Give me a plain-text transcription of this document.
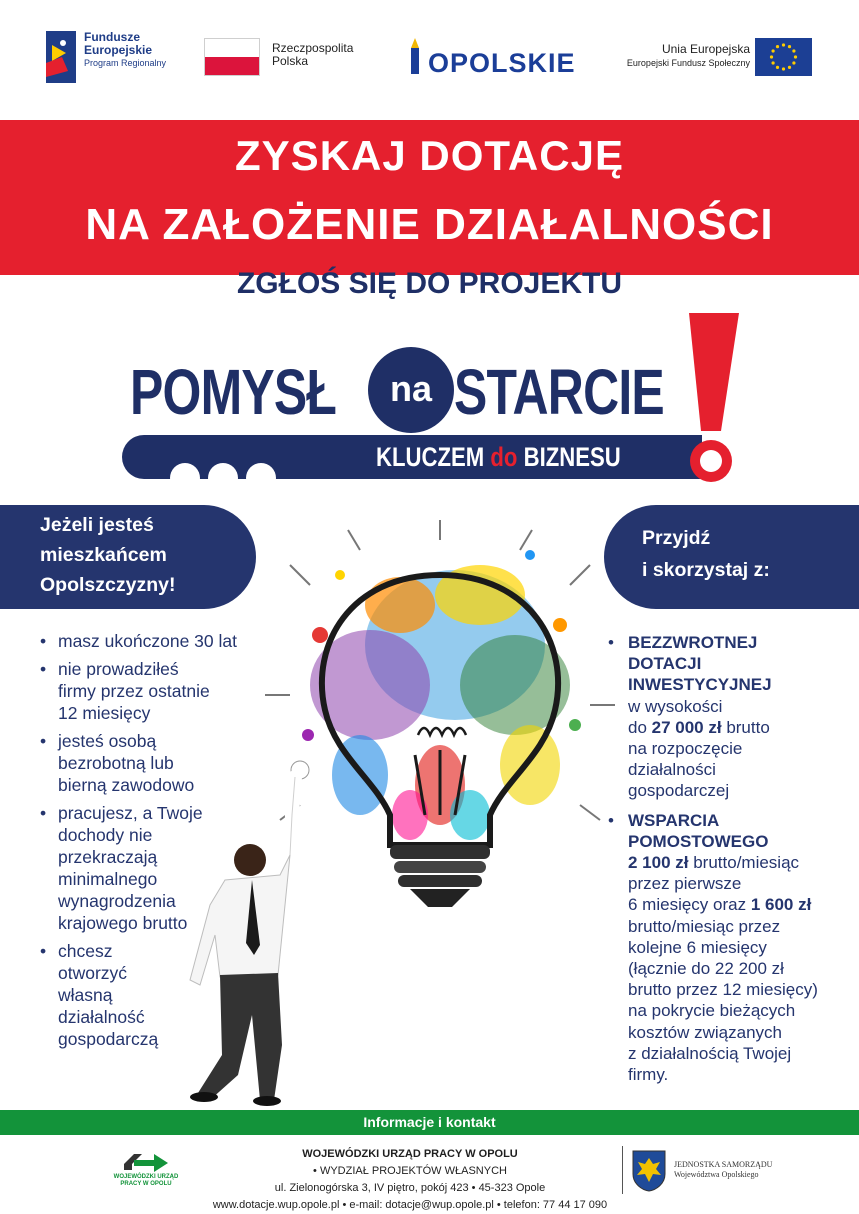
Fundusze
Europejskie
Program Regionalny
Rzeczpospolita
Polska	OPOLSKIE	Unia Europejska
Europejski Fundusz Społeczny
ZYSKAJ DOTACJĘ
NA ZAŁOŻENIE DZIAŁALNOŚCI
ZGŁOŚ SIĘ DO PROJEKTU
POMYSŁ	na STARCIE
KLUCZEM do BIZNESU
Jeżeli jesteś
mieszkańcem
Opolszczyzny!
Przyjdź
i skorzystaj z:
• masz ukończone 30 lat
• nie prowadziłeś
firmy przez ostatnie
12 miesięcy
• jesteś osobą
bezrobotną lub
bierną zawodowo
• pracujesz, a Twoje
dochody nie
przekraczają
minimalnego
wynagrodzenia
krajowego brutto
• chcesz
otworzyć
własną
działalność
gospodarczą
• BEZZWROTNEJ
DOTACJI
INWESTYCYJNEJ
w wysokości
do 27 000 zł brutto
na rozpoczęcie
działalności
gospodarczej
• WSPARCIA
POMOSTOWEGO
2 100 zł brutto/miesiąc
przez pierwsze
6 miesięcy oraz 1 600 zł
brutto/miesiąc przez
kolejne 6 miesięcy
(łącznie do 22 200 zł
brutto przez 12 miesięcy)
na pokrycie bieżących
kosztów związanych
z działalnością Twojej
firmy.
Informacje i kontakt
WOJEWÓDZKI URZĄD PRACY W OPOLU
WOJEWÓDZKI URZĄD PRACY W OPOLU
• WYDZIAŁ PROJEKTÓW WŁASNYCH
ul. Zielonogórska 3, IV piętro, pokój 423 • 45-323 Opole
www.dotacje.wup.opole.pl • e-mail: dotacje@wup.opole.pl • telefon: 77 44 17 090
JEDNOSTKA SAMORZĄDU
Województwa Opolskiego
